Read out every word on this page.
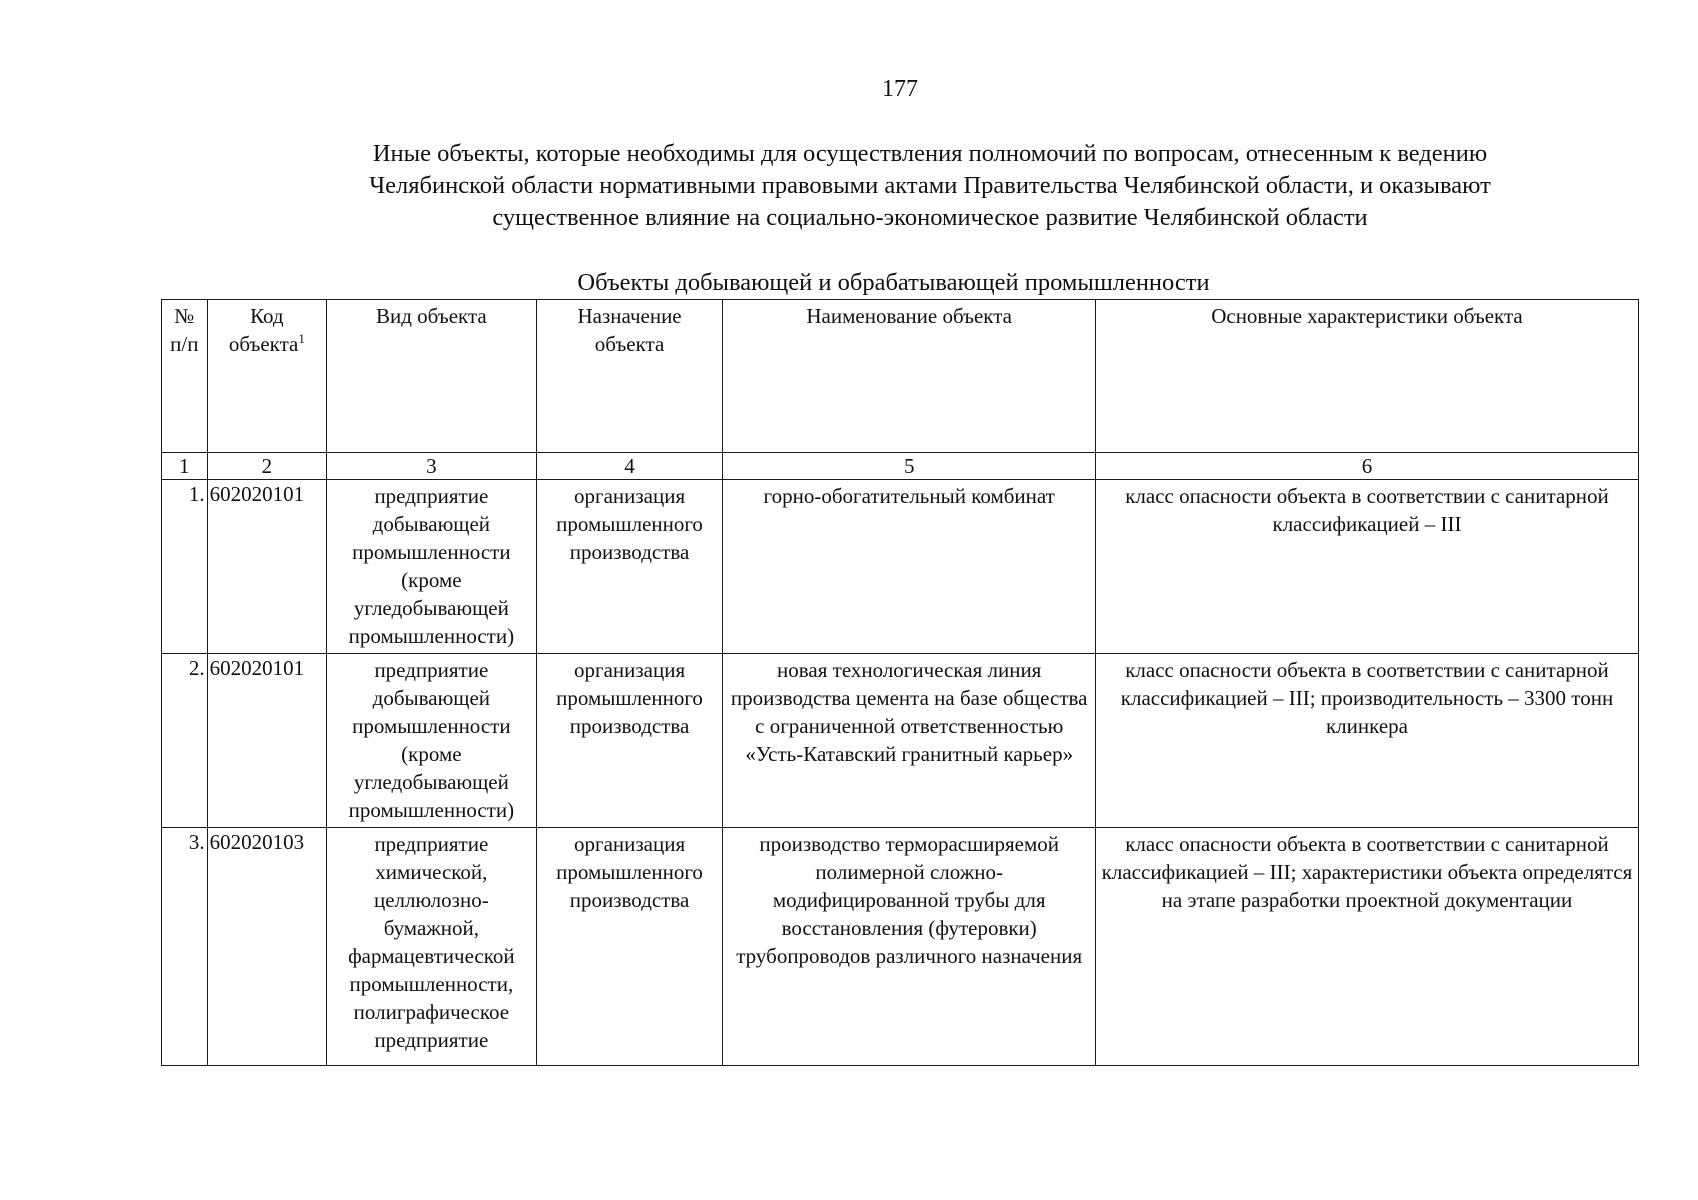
177
Иные объекты, которые необходимы для осуществления полномочий по вопросам, отнесенным к ведению
Челябинской области нормативными правовыми актами Правительства Челябинской области, и оказывают
существенное влияние на социально-экономическое развитие Челябинской области
Объекты добывающей и обрабатывающей промышленности
№ п/п	Код объекта$^1$	Вид объекта	Назначение объекта	Наименование объекта	Основные характеристики объекта
1	2	3	4	5	6
1.	602020101	предприятие добывающей промышленности (кроме угледобывающей промышленности)	организация промышленного производства	горно-обогатительный комбинат	класс опасности объекта в соответствии с санитарной классификацией – III
2.	602020101	предприятие добывающей промышленности (кроме угледобывающей промышленности)	организация промышленного производства	новая технологическая линия производства цемента на базе общества с ограниченной ответственностью «Усть-Катавский гранитный карьер»	класс опасности объекта в соответствии с санитарной классификацией – III; производительность – 3300 тонн клинкера
3.	602020103	предприятие химической, целлюлозно-бумажной, фармацевтической промышленности, полиграфическое предприятие	организация промышленного производства	производство терморасширяемой полимерной сложно-модифицированной трубы для восстановления (футеровки) трубопроводов различного назначения	класс опасности объекта в соответствии с санитарной классификацией – III; характеристики объекта определятся на этапе разработки проектной документации
